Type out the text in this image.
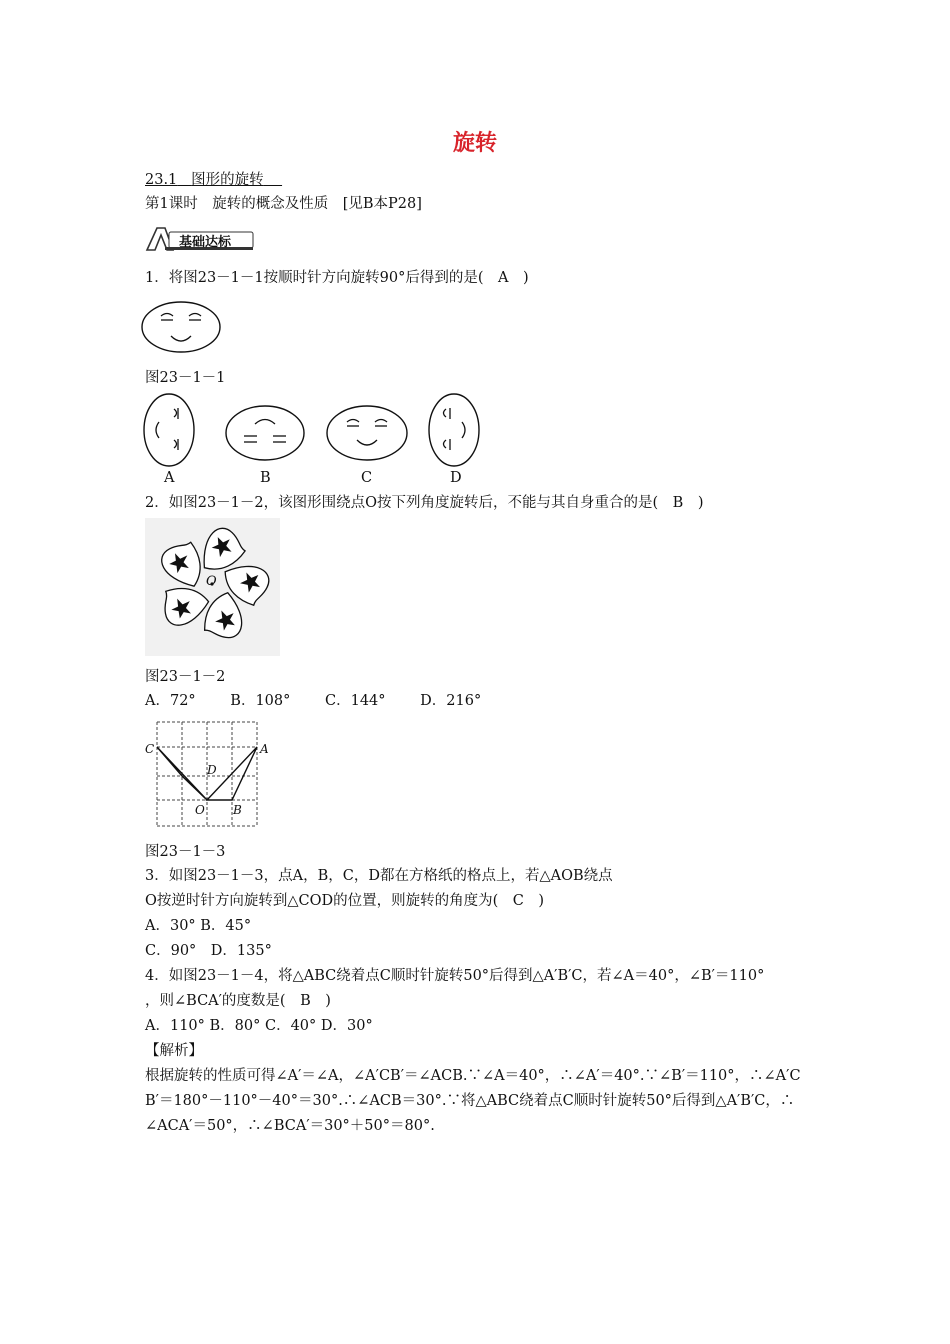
旋转
23.1 图形的旋转
第1课时　旋转的概念及性质　[见B本P28]
基础达标
1．将图23－1－1按顺时针方向旋转90°后得到的是(　A　)
图23－1－1
A	B	C	D
2．如图23－1－2，该图形围绕点O按下列角度旋转后，不能与其自身重合的是(　B　)
O
图23－1－2
A．72° B．108° C．144° D．216°
C	A
D
O B
图23－1－3
3．如图23－1－3，点A，B，C，D都在方格纸的格点上，若△AOB绕点
O按逆时针方向旋转到△COD的位置，则旋转的角度为(　C　)
A．30° B．45°
C．90°　D．135°
4．如图23－1－4，将△ABC绕着点C顺时针旋转50°后得到△A′B′C，若∠A＝40°，∠B′＝110°
，则∠BCA′的度数是(　B　)
A．110° B．80° C．40° D．30°
【解析】
根据旋转的性质可得∠A′＝∠A，∠A′CB′＝∠ACB.∵∠A＝40°，∴∠A′＝40°.∵∠B′＝110°，∴∠A′C
B′＝180°－110°－40°＝30°.∴∠ACB＝30°.∵将△ABC绕着点C顺时针旋转50°后得到△A′B′C，∴
∠ACA′＝50°，∴∠BCA′＝30°＋50°＝80°.
